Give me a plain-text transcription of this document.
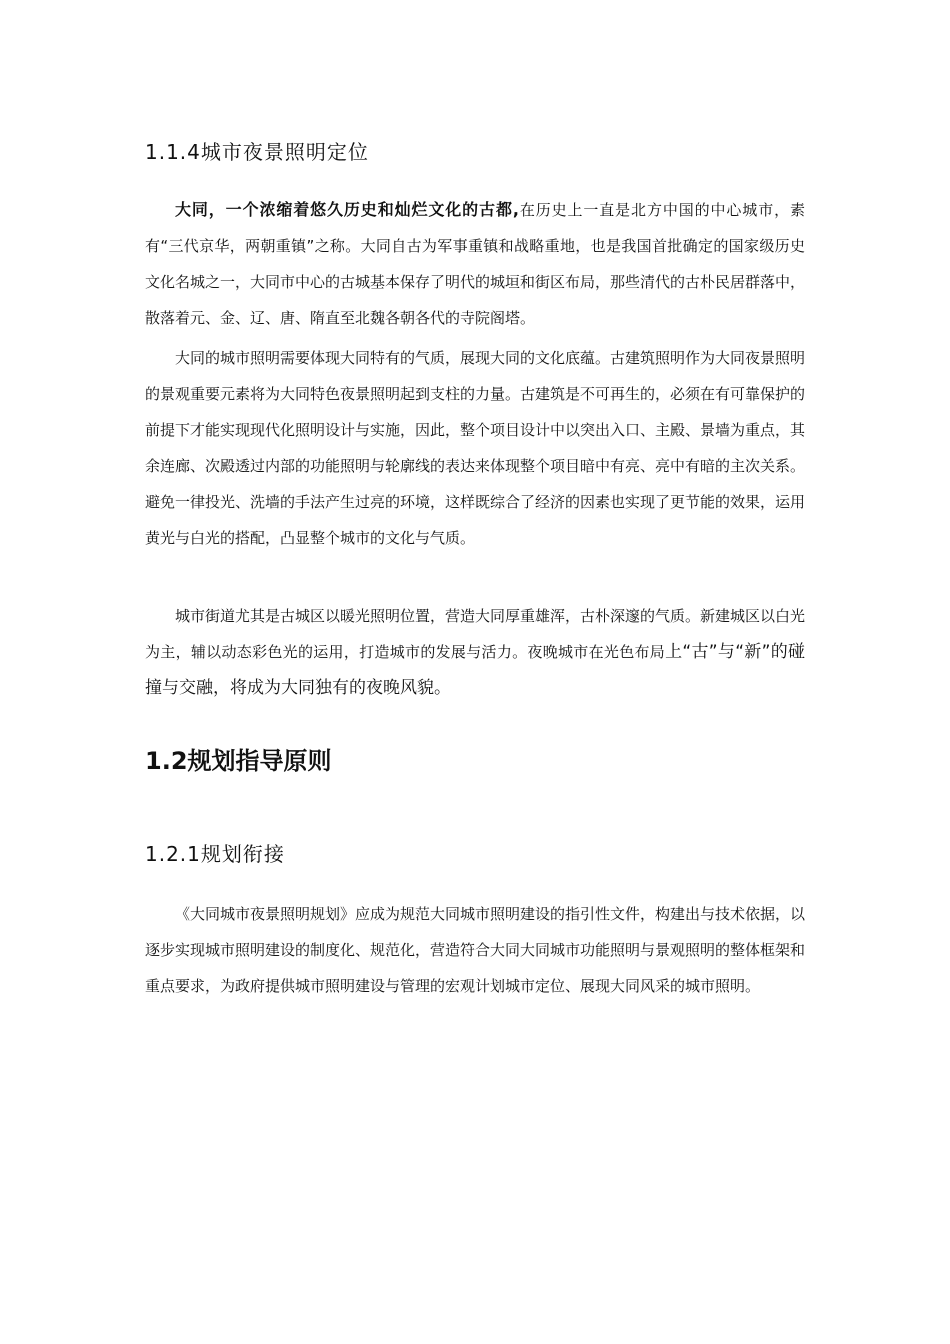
1.1.4城市夜景照明定位

大同，一个浓缩着悠久历史和灿烂文化的古都,在历史上一直是北方中国的中心城市，素有“三代京华，两朝重镇”之称。大同自古为军事重镇和战略重地，也是我国首批确定的国家级历史文化名城之一，大同市中心的古城基本保存了明代的城垣和街区布局，那些清代的古朴民居群落中，散落着元、金、辽、唐、隋直至北魏各朝各代的寺院阁塔。

大同的城市照明需要体现大同特有的气质，展现大同的文化底蕴。古建筑照明作为大同夜景照明的景观重要元素将为大同特色夜景照明起到支柱的力量。古建筑是不可再生的，必须在有可靠保护的前提下才能实现现代化照明设计与实施，因此，整个项目设计中以突出入口、主殿、景墙为重点，其余连廊、次殿透过内部的功能照明与轮廓线的表达来体现整个项目暗中有亮、亮中有暗的主次关系。避免一律投光、洗墙的手法产生过亮的环境，这样既综合了经济的因素也实现了更节能的效果，运用黄光与白光的搭配，凸显整个城市的文化与气质。

城市街道尤其是古城区以暖光照明位置，营造大同厚重雄浑，古朴深邃的气质。新建城区以白光为主，辅以动态彩色光的运用，打造城市的发展与活力。夜晚城市在光色布局上“古”与“新”的碰撞与交融，将成为大同独有的夜晚风貌。

1.2规划指导原则
1.2.1规划衔接

《大同城市夜景照明规划》应成为规范大同城市照明建设的指引性文件，构建出与技术依据，以逐步实现城市照明建设的制度化、规范化，营造符合大同大同城市功能照明与景观照明的整体框架和重点要求，为政府提供城市照明建设与管理的宏观计划城市定位、展现大同风采的城市照明。
